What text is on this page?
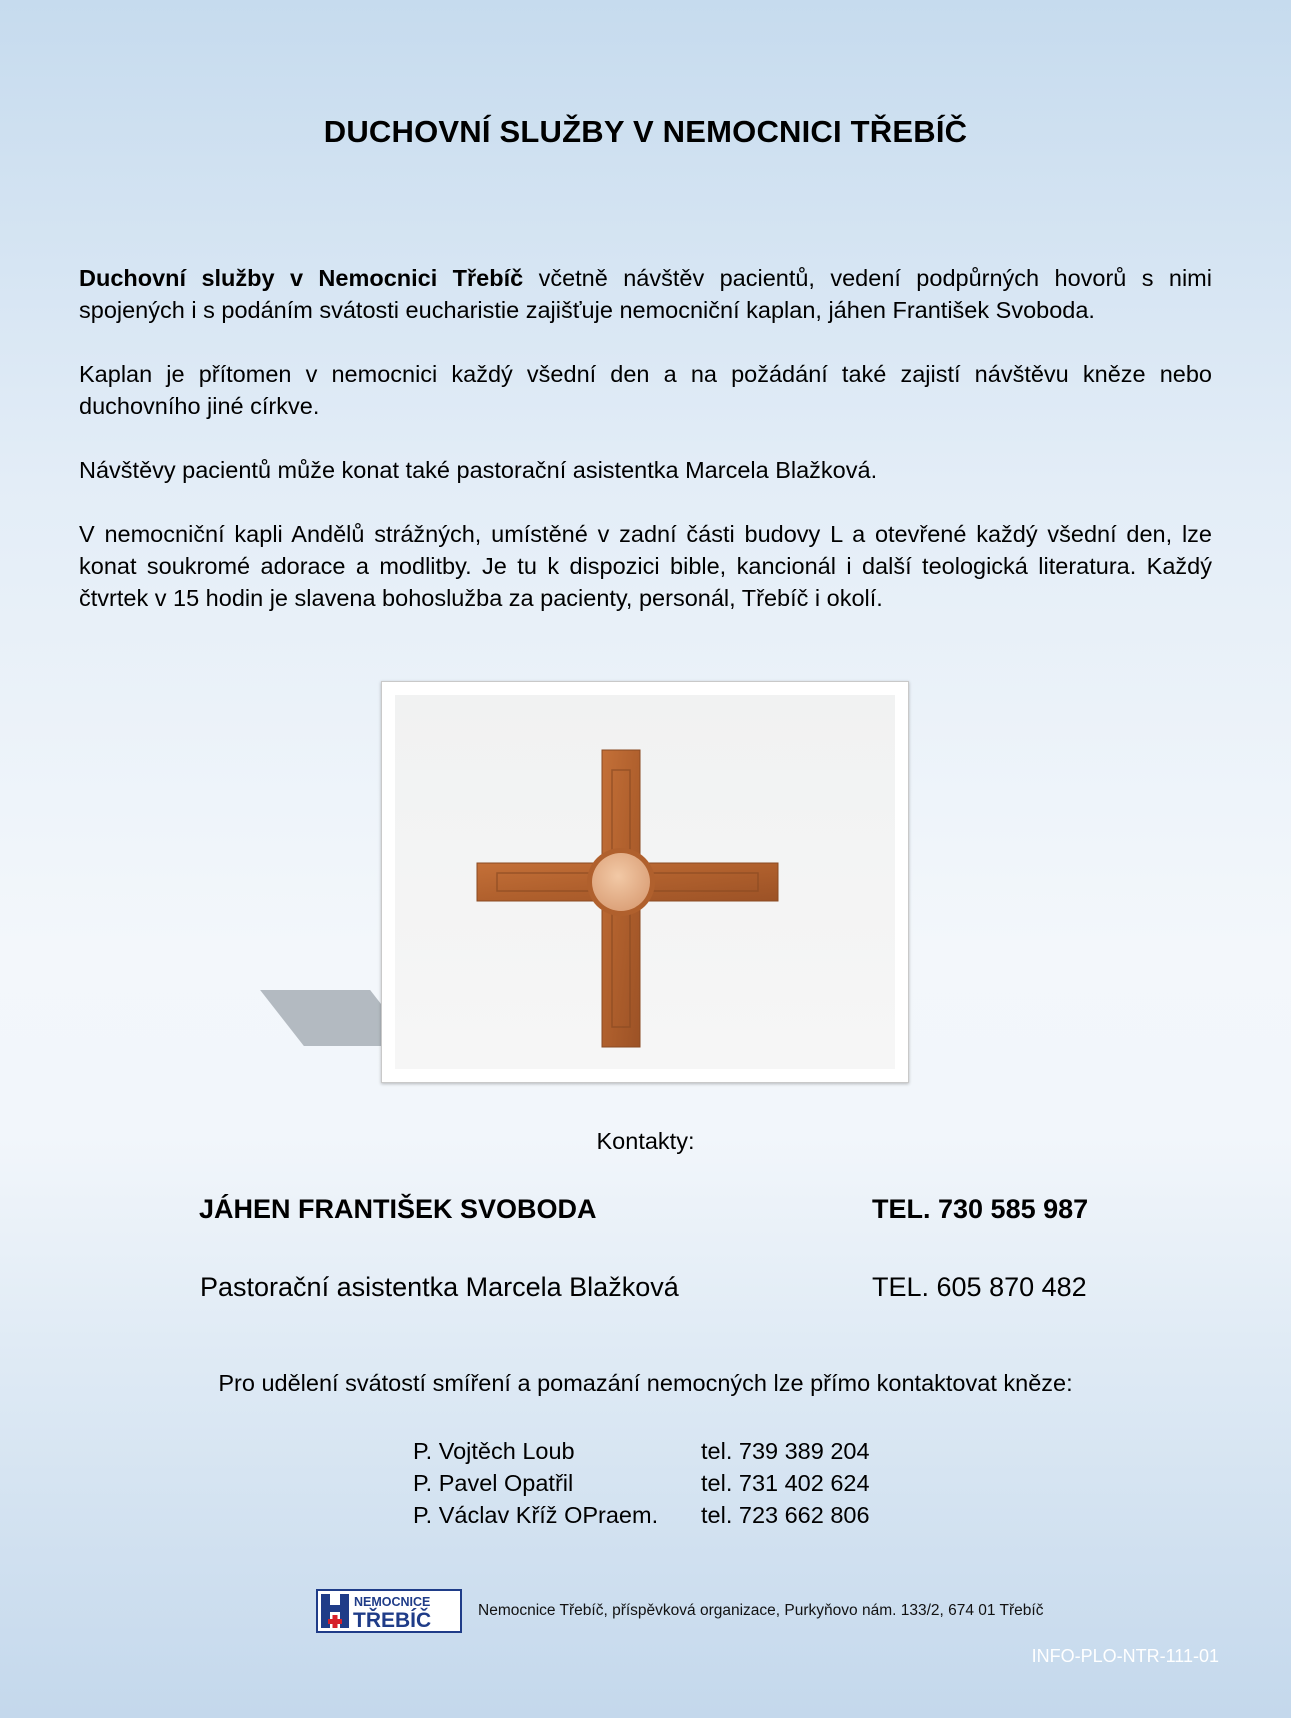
DUCHOVNÍ SLUŽBY V NEMOCNICI TŘEBÍČ
Duchovní služby v Nemocnici Třebíč včetně návštěv pacientů, vedení podpůrných hovorů s nimi spojených i s podáním svátosti eucharistie zajišťuje nemocniční kaplan, jáhen František Svoboda.
Kaplan je přítomen v nemocnici každý všední den a na požádání také zajistí návštěvu kněze nebo duchovního jiné církve.
Návštěvy pacientů může konat také pastorační asistentka Marcela Blažková.
V nemocniční kapli Andělů strážných, umístěné v zadní části budovy L a otevřené každý všední den, lze konat soukromé adorace a modlitby. Je tu k dispozici bible, kancionál i další teologická literatura. Každý čtvrtek v 15 hodin je slavena bohoslužba za pacienty, personál, Třebíč i okolí.
Kontakty:
JÁHEN FRANTIŠEK SVOBODA	TEL. 730 585 987
Pastorační asistentka Marcela Blažková	TEL. 605 870 482
Pro udělení svátostí smíření a pomazání nemocných lze přímo kontaktovat kněze:
P. Vojtěch Loub	tel. 739 389 204
P. Pavel Opatřil	tel. 731 402 624
P. Václav Kříž OPraem. tel. 723 662 806
NEMOCNICE
TŘEBÍČ	Nemocnice Třebíč, příspěvková organizace, Purkyňovo nám. 133/2, 674 01 Třebíč
INFO-PLO-NTR-111-01
